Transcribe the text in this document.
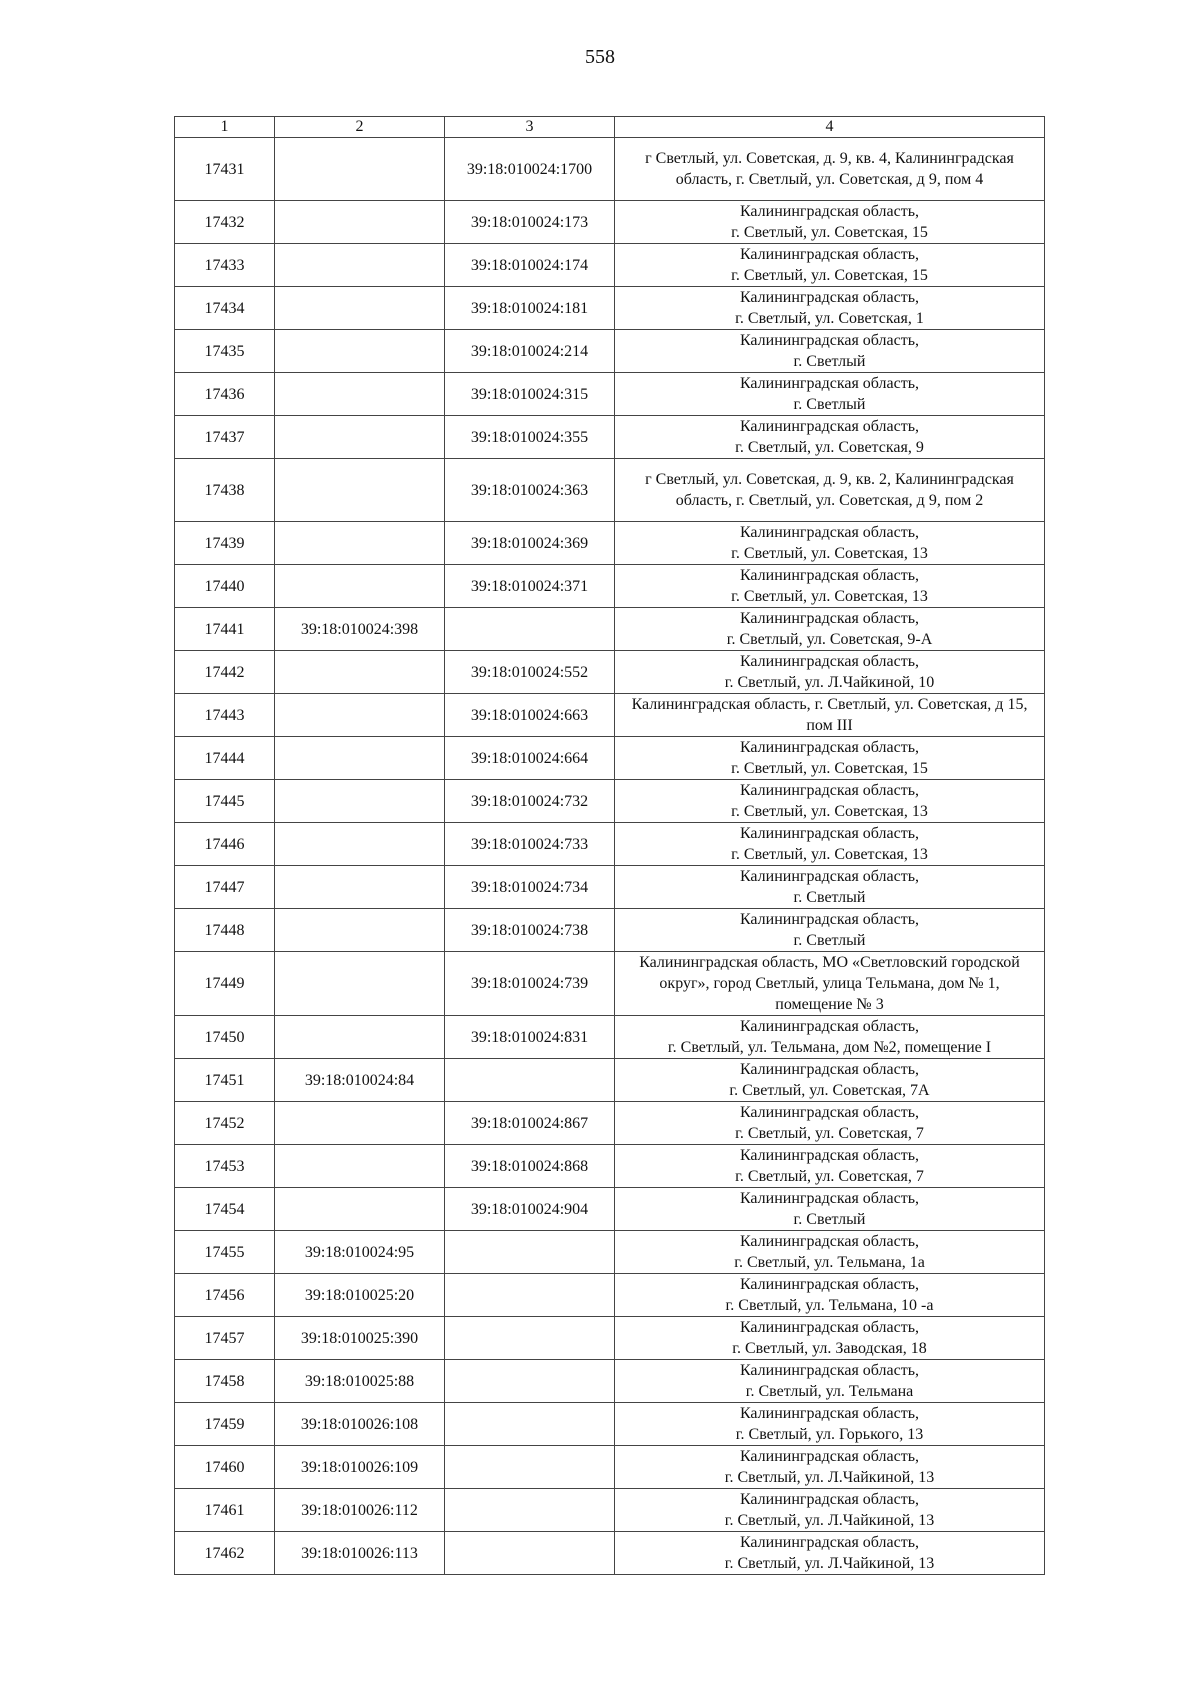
558
1	2	3	4
17431		39:18:010024:1700	г Светлый, ул. Советская, д. 9, кв. 4, Калининградская область, г. Светлый, ул. Советская, д 9, пом 4
17432		39:18:010024:173	Калининградская область,
г. Светлый, ул. Советская, 15
17433		39:18:010024:174	Калининградская область,
г. Светлый, ул. Советская, 15
17434		39:18:010024:181	Калининградская область,
г. Светлый, ул. Советская, 1
17435		39:18:010024:214	Калининградская область,
г. Светлый
17436		39:18:010024:315	Калининградская область,
г. Светлый
17437		39:18:010024:355	Калининградская область,
г. Светлый, ул. Советская, 9
17438		39:18:010024:363	г Светлый, ул. Советская, д. 9, кв. 2, Калининградская область, г. Светлый, ул. Советская, д 9, пом 2
17439		39:18:010024:369	Калининградская область,
г. Светлый, ул. Советская, 13
17440		39:18:010024:371	Калининградская область,
г. Светлый, ул. Советская, 13
17441	39:18:010024:398		Калининградская область,
г. Светлый, ул. Советская, 9-А
17442		39:18:010024:552	Калининградская область,
г. Светлый, ул. Л.Чайкиной, 10
17443		39:18:010024:663	Калининградская область, г. Светлый, ул. Советская, д 15, пом III
17444		39:18:010024:664	Калининградская область,
г. Светлый, ул. Советская, 15
17445		39:18:010024:732	Калининградская область,
г. Светлый, ул. Советская, 13
17446		39:18:010024:733	Калининградская область,
г. Светлый, ул. Советская, 13
17447		39:18:010024:734	Калининградская область,
г. Светлый
17448		39:18:010024:738	Калининградская область,
г. Светлый
17449		39:18:010024:739	Калининградская область, МО «Светловский городской округ», город Светлый, улица Тельмана, дом № 1, помещение № 3
17450		39:18:010024:831	Калининградская область,
г. Светлый, ул. Тельмана, дом №2, помещение I
17451	39:18:010024:84		Калининградская область,
г. Светлый, ул. Советская, 7А
17452		39:18:010024:867	Калининградская область,
г. Светлый, ул. Советская, 7
17453		39:18:010024:868	Калининградская область,
г. Светлый, ул. Советская, 7
17454		39:18:010024:904	Калининградская область,
г. Светлый
17455	39:18:010024:95		Калининградская область,
г. Светлый, ул. Тельмана, 1а
17456	39:18:010025:20		Калининградская область,
г. Светлый, ул. Тельмана, 10 -а
17457	39:18:010025:390		Калининградская область,
г. Светлый, ул. Заводская, 18
17458	39:18:010025:88		Калининградская область,
г. Светлый, ул. Тельмана
17459	39:18:010026:108		Калининградская область,
г. Светлый, ул. Горького, 13
17460	39:18:010026:109		Калининградская область,
г. Светлый, ул. Л.Чайкиной, 13
17461	39:18:010026:112		Калининградская область,
г. Светлый, ул. Л.Чайкиной, 13
17462	39:18:010026:113		Калининградская область,
г. Светлый, ул. Л.Чайкиной, 13
